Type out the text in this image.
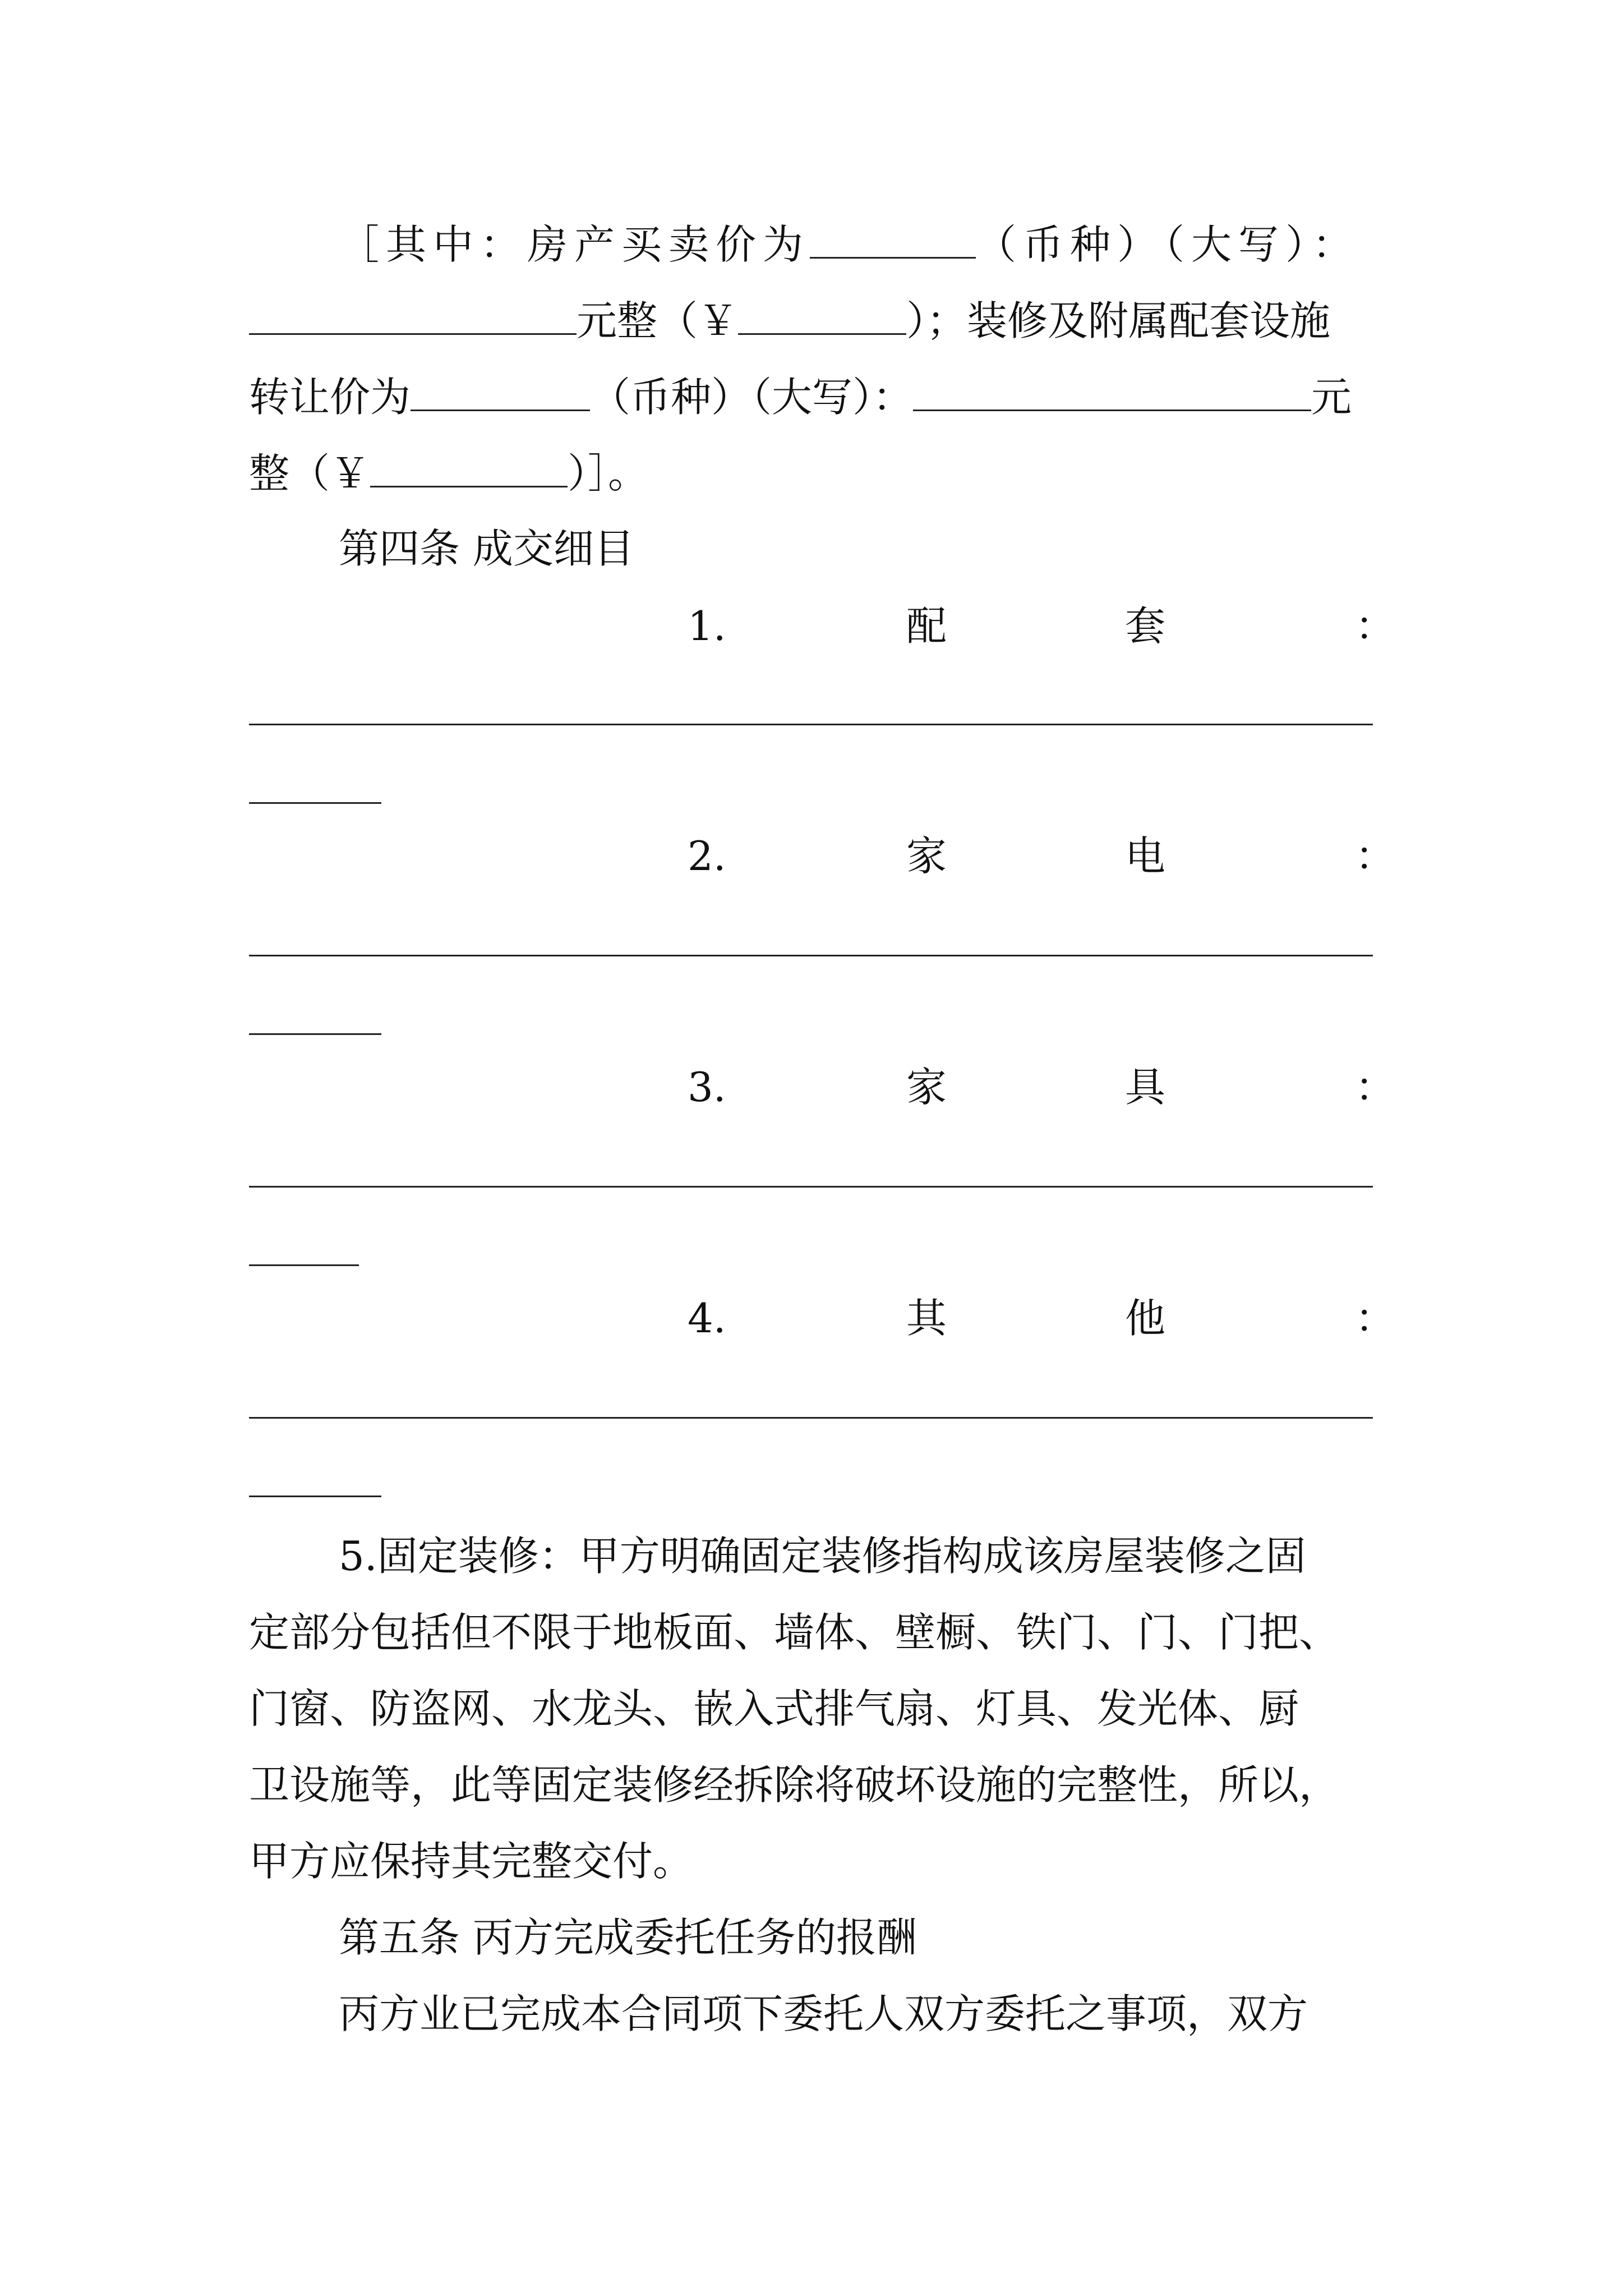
［其中：房产买卖价为	（币种）（大写）：
元整（￥	）；装修及附属配套设施
转让价为	（币种）（大写）：	元
整（￥	）］。
第四条 成交细目
1.	配	套	：
2.	家	电	：
3.	家	具	：
4.	其	他	：
5.固定装修：甲方明确固定装修指构成该房屋装修之固
定部分包括但不限于地板面、墙体、壁橱、铁门、门、门把、
门窗、防盗网、水龙头、嵌入式排气扇、灯具、发光体、厨
卫设施等，此等固定装修经拆除将破坏设施的完整性，所以，
甲方应保持其完整交付。
第五条 丙方完成委托任务的报酬
丙方业已完成本合同项下委托人双方委托之事项，双方
